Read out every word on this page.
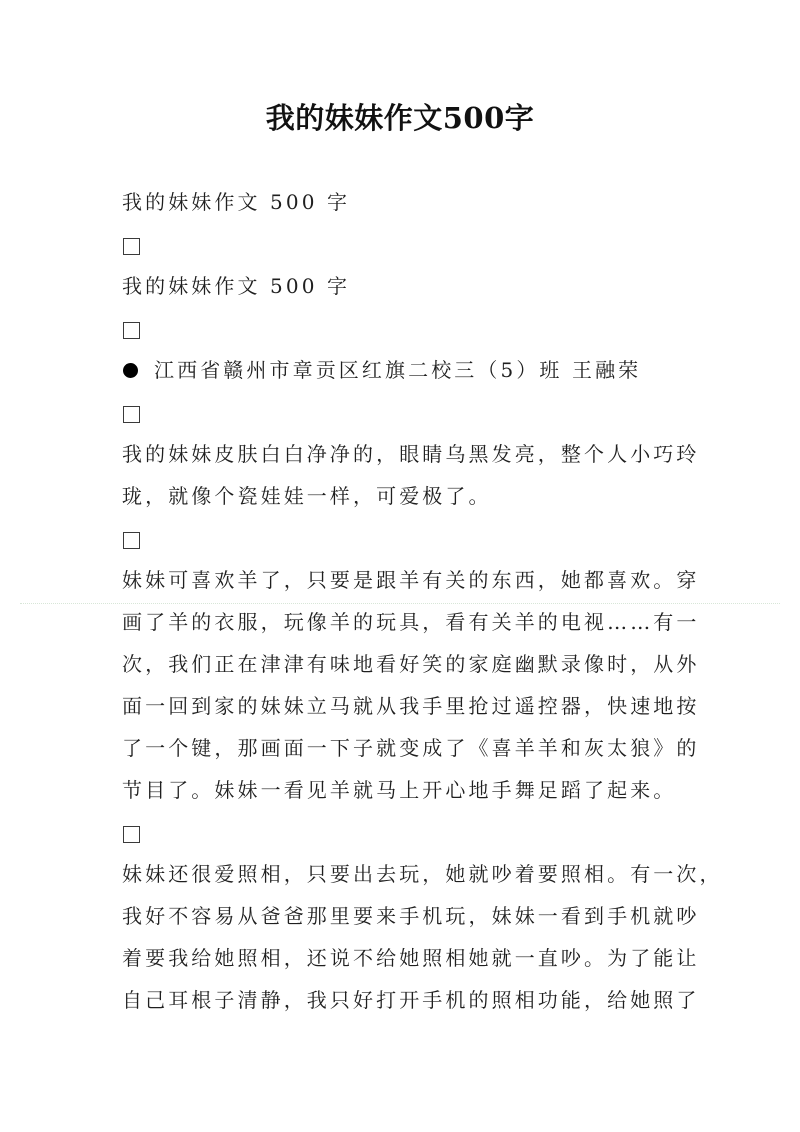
我的妹妹作文500字
我的妹妹作文 500 字
我的妹妹作文 500 字
江西省赣州市章贡区红旗二校三（5）班 王融荣
我的妹妹皮肤白白净净的，眼睛乌黑发亮，整个人小巧玲
珑，就像个瓷娃娃一样，可爱极了。
妹妹可喜欢羊了，只要是跟羊有关的东西，她都喜欢。穿
画了羊的衣服，玩像羊的玩具，看有关羊的电视……有一
次，我们正在津津有味地看好笑的家庭幽默录像时，从外
面一回到家的妹妹立马就从我手里抢过遥控器，快速地按
了一个键，那画面一下子就变成了《喜羊羊和灰太狼》的
节目了。妹妹一看见羊就马上开心地手舞足蹈了起来。
妹妹还很爱照相，只要出去玩，她就吵着要照相。有一次，
我好不容易从爸爸那里要来手机玩，妹妹一看到手机就吵
着要我给她照相，还说不给她照相她就一直吵。为了能让
自己耳根子清静，我只好打开手机的照相功能，给她照了
